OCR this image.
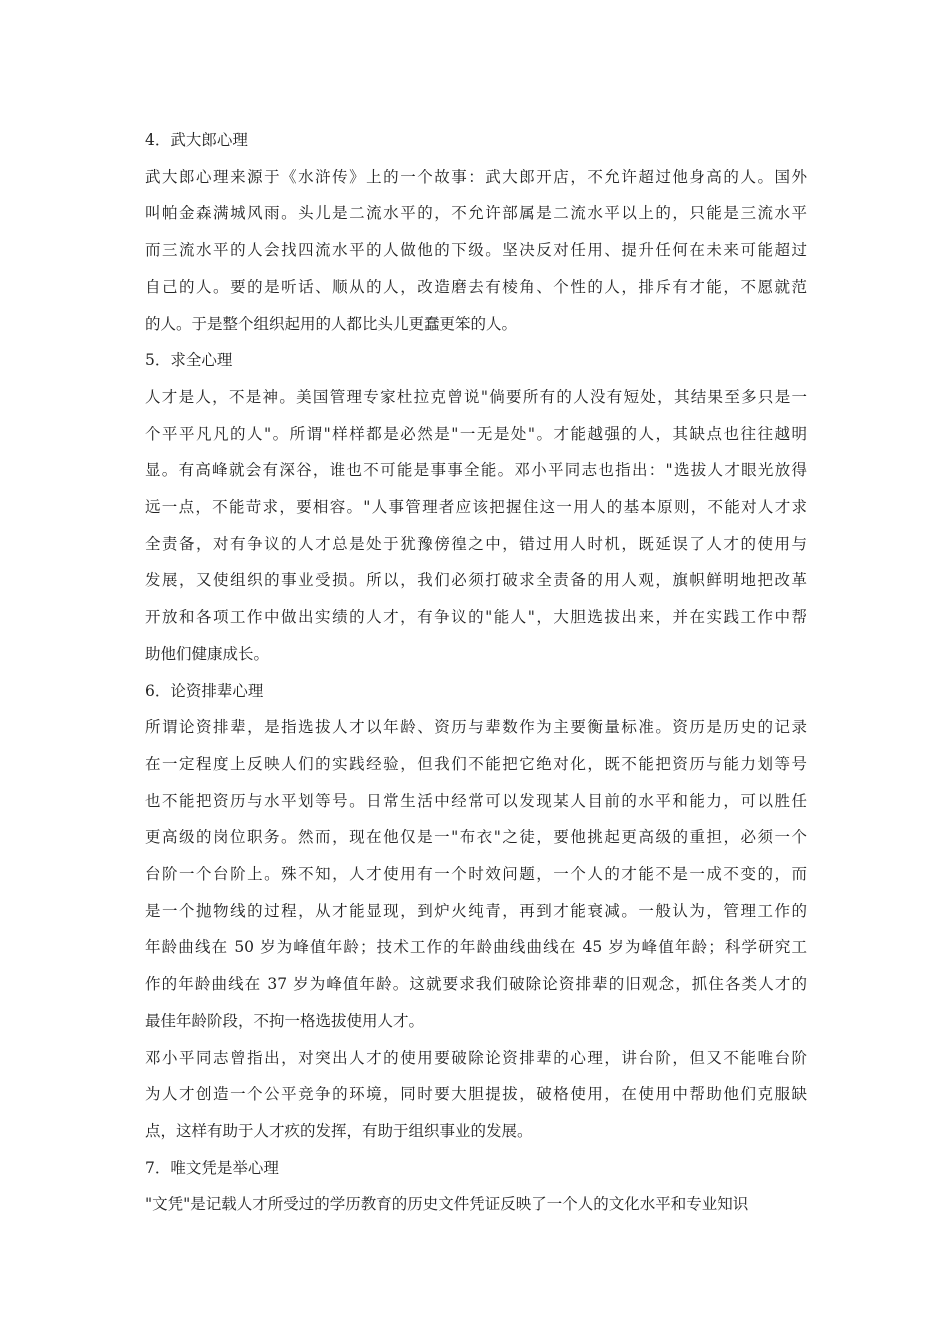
4．武大郎心理
武大郎心理来源于《水浒传》上的一个故事：武大郎开店，不允许超过他身高的人。国外
叫帕金森满城风雨。头儿是二流水平的，不允许部属是二流水平以上的，只能是三流水平
而三流水平的人会找四流水平的人做他的下级。坚决反对任用、提升任何在未来可能超过
自己的人。要的是听话、顺从的人，改造磨去有棱角、个性的人，排斥有才能，不愿就范
的人。于是整个组织起用的人都比头儿更蠢更笨的人。
5．求全心理
人才是人，不是神。美国管理专家杜拉克曾说"倘要所有的人没有短处，其结果至多只是一
个平平凡凡的人"。所谓"样样都是必然是"一无是处"。才能越强的人，其缺点也往往越明
显。有高峰就会有深谷，谁也不可能是事事全能。邓小平同志也指出："选拔人才眼光放得
远一点，不能苛求，要相容。"人事管理者应该把握住这一用人的基本原则，不能对人才求
全责备，对有争议的人才总是处于犹豫傍徨之中，错过用人时机，既延误了人才的使用与
发展，又使组织的事业受损。所以，我们必须打破求全责备的用人观，旗帜鲜明地把改革
开放和各项工作中做出实绩的人才，有争议的"能人"，大胆选拔出来，并在实践工作中帮
助他们健康成长。
6．论资排辈心理
所谓论资排辈，是指选拔人才以年龄、资历与辈数作为主要衡量标准。资历是历史的记录
在一定程度上反映人们的实践经验，但我们不能把它绝对化，既不能把资历与能力划等号
也不能把资历与水平划等号。日常生活中经常可以发现某人目前的水平和能力，可以胜任
更高级的岗位职务。然而，现在他仅是一"布衣"之徒，要他挑起更高级的重担，必须一个
台阶一个台阶上。殊不知，人才使用有一个时效问题，一个人的才能不是一成不变的，而
是一个抛物线的过程，从才能显现，到炉火纯青，再到才能衰减。一般认为，管理工作的
年龄曲线在 50 岁为峰值年龄；技术工作的年龄曲线曲线在 45 岁为峰值年龄；科学研究工
作的年龄曲线在 37 岁为峰值年龄。这就要求我们破除论资排辈的旧观念，抓住各类人才的
最佳年龄阶段，不拘一格选拔使用人才。
邓小平同志曾指出，对突出人才的使用要破除论资排辈的心理，讲台阶，但又不能唯台阶
为人才创造一个公平竞争的环境，同时要大胆提拔，破格使用，在使用中帮助他们克服缺
点，这样有助于人才疚的发挥，有助于组织事业的发展。
7．唯文凭是举心理
"文凭"是记载人才所受过的学历教育的历史文件凭证反映了一个人的文化水平和专业知识
